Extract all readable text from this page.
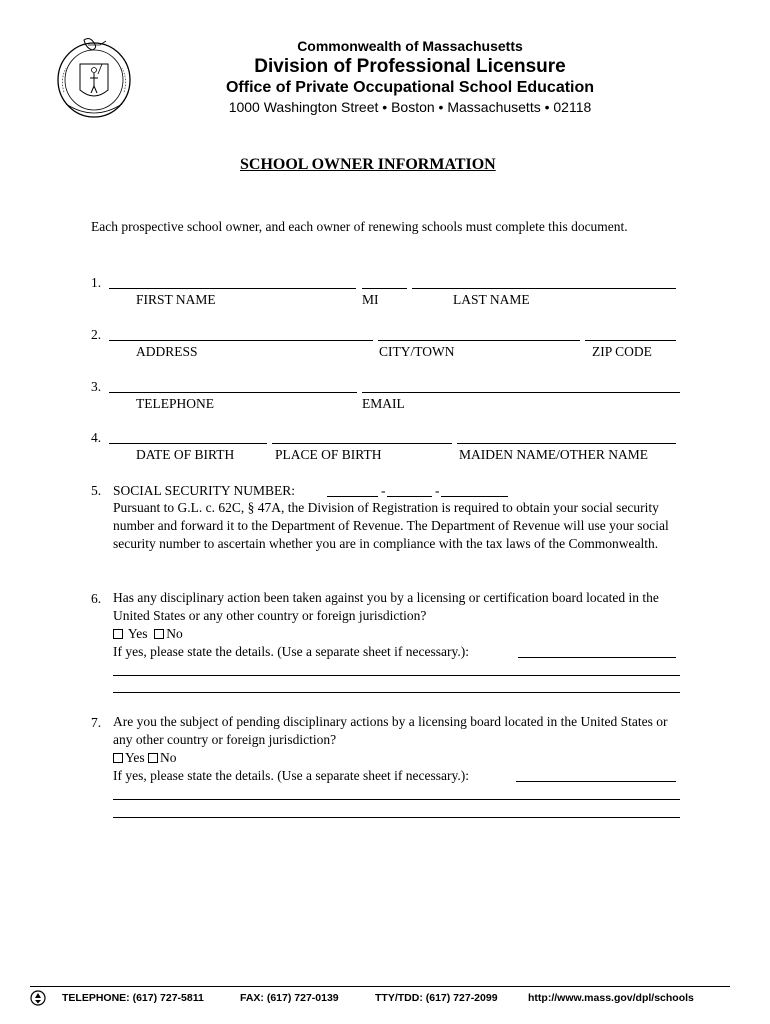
Commonwealth of Massachusetts
Division of Professional Licensure
Office of Private Occupational School Education
1000 Washington Street • Boston • Massachusetts • 02118
SCHOOL OWNER INFORMATION
Each prospective school owner, and each owner of renewing schools must complete this document.
1.
FIRST NAME	MI	LAST NAME
2.
ADDRESS	CITY/TOWN	ZIP CODE
3.
TELEPHONE	EMAIL
4.
DATE OF BIRTH	PLACE OF BIRTH	MAIDEN NAME/OTHER NAME
5. SOCIAL SECURITY NUMBER:	-	-
Pursuant to G.L. c. 62C, § 47A, the Division of Registration is required to obtain your social security number and forward it to the Department of Revenue. The Department of Revenue will use your social security number to ascertain whether you are in compliance with the tax laws of the Commonwealth.
6. Has any disciplinary action been taken against you by a licensing or certification board located in the United States or any other country or foreign jurisdiction?
Yes No
If yes, please state the details. (Use a separate sheet if necessary.):
7. Are you the subject of pending disciplinary actions by a licensing board located in the United States or any other country or foreign jurisdiction?
Yes No
If yes, please state the details. (Use a separate sheet if necessary.):
TELEPHONE: (617) 727-5811	FAX: (617) 727-0139	TTY/TDD: (617) 727-2099	http://www.mass.gov/dpl/schools
